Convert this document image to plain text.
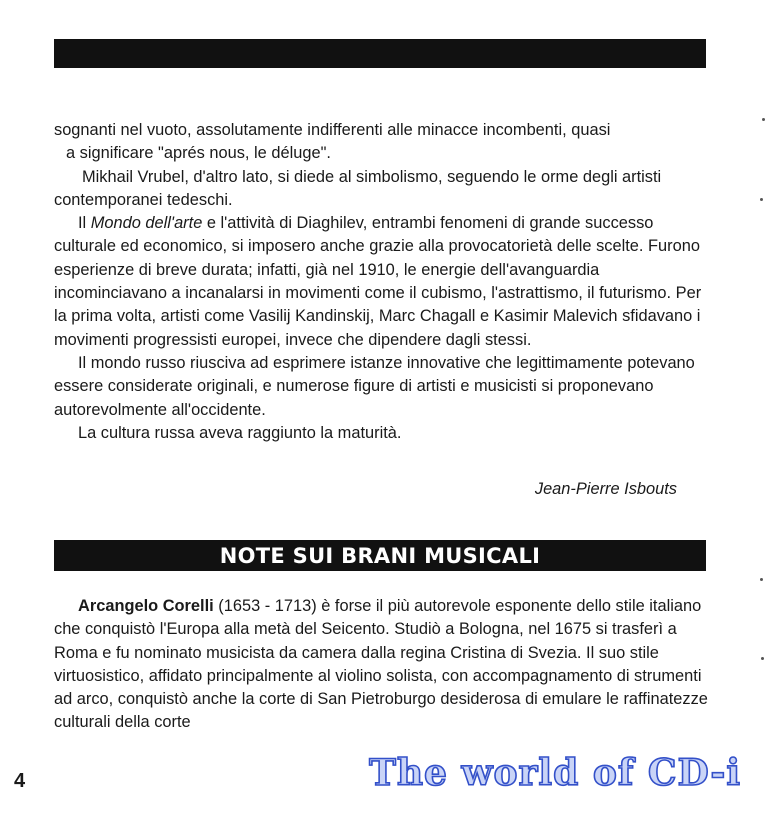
sognanti nel vuoto, assolutamente indifferenti alle minacce incombenti, quasi
a significare "aprés nous, le déluge".

Mikhail Vrubel, d'altro lato, si diede al simbolismo, seguendo le orme degli artisti contemporanei tedeschi.

Il Mondo dell'arte e l'attività di Diaghilev, entrambi fenomeni di grande successo culturale ed economico, si imposero anche grazie alla provocatorietà delle scelte. Furono esperienze di breve durata; infatti, già nel 1910, le energie dell'avanguardia incominciavano a incanalarsi in movimenti come il cubismo, l'astrattismo, il futurismo. Per la prima volta, artisti come Vasilij Kandinskij, Marc Chagall e Kasimir Malevich sfidavano i movimenti progressisti europei, invece che dipendere dagli stessi.

Il mondo russo riusciva ad esprimere istanze innovative che legittimamente potevano essere considerate originali, e numerose figure di artisti e musicisti si proponevano autorevolmente all'occidente.

La cultura russa aveva raggiunto la maturità.

Jean-Pierre Isbouts
NOTE SUI BRANI MUSICALI

Arcangelo Corelli (1653 - 1713) è forse il più autorevole esponente dello stile italiano che conquistò l'Europa alla metà del Seicento. Studiò a Bologna, nel 1675 si trasferì a Roma e fu nominato musicista da camera dalla regina Cristina di Svezia. Il suo stile virtuosistico, affidato principalmente al violino solista, con accompagnamento di strumenti ad arco, conquistò anche la corte di San Pietroburgo desiderosa di emulare le raffinatezze culturali della corte

4	The world of CD-i
